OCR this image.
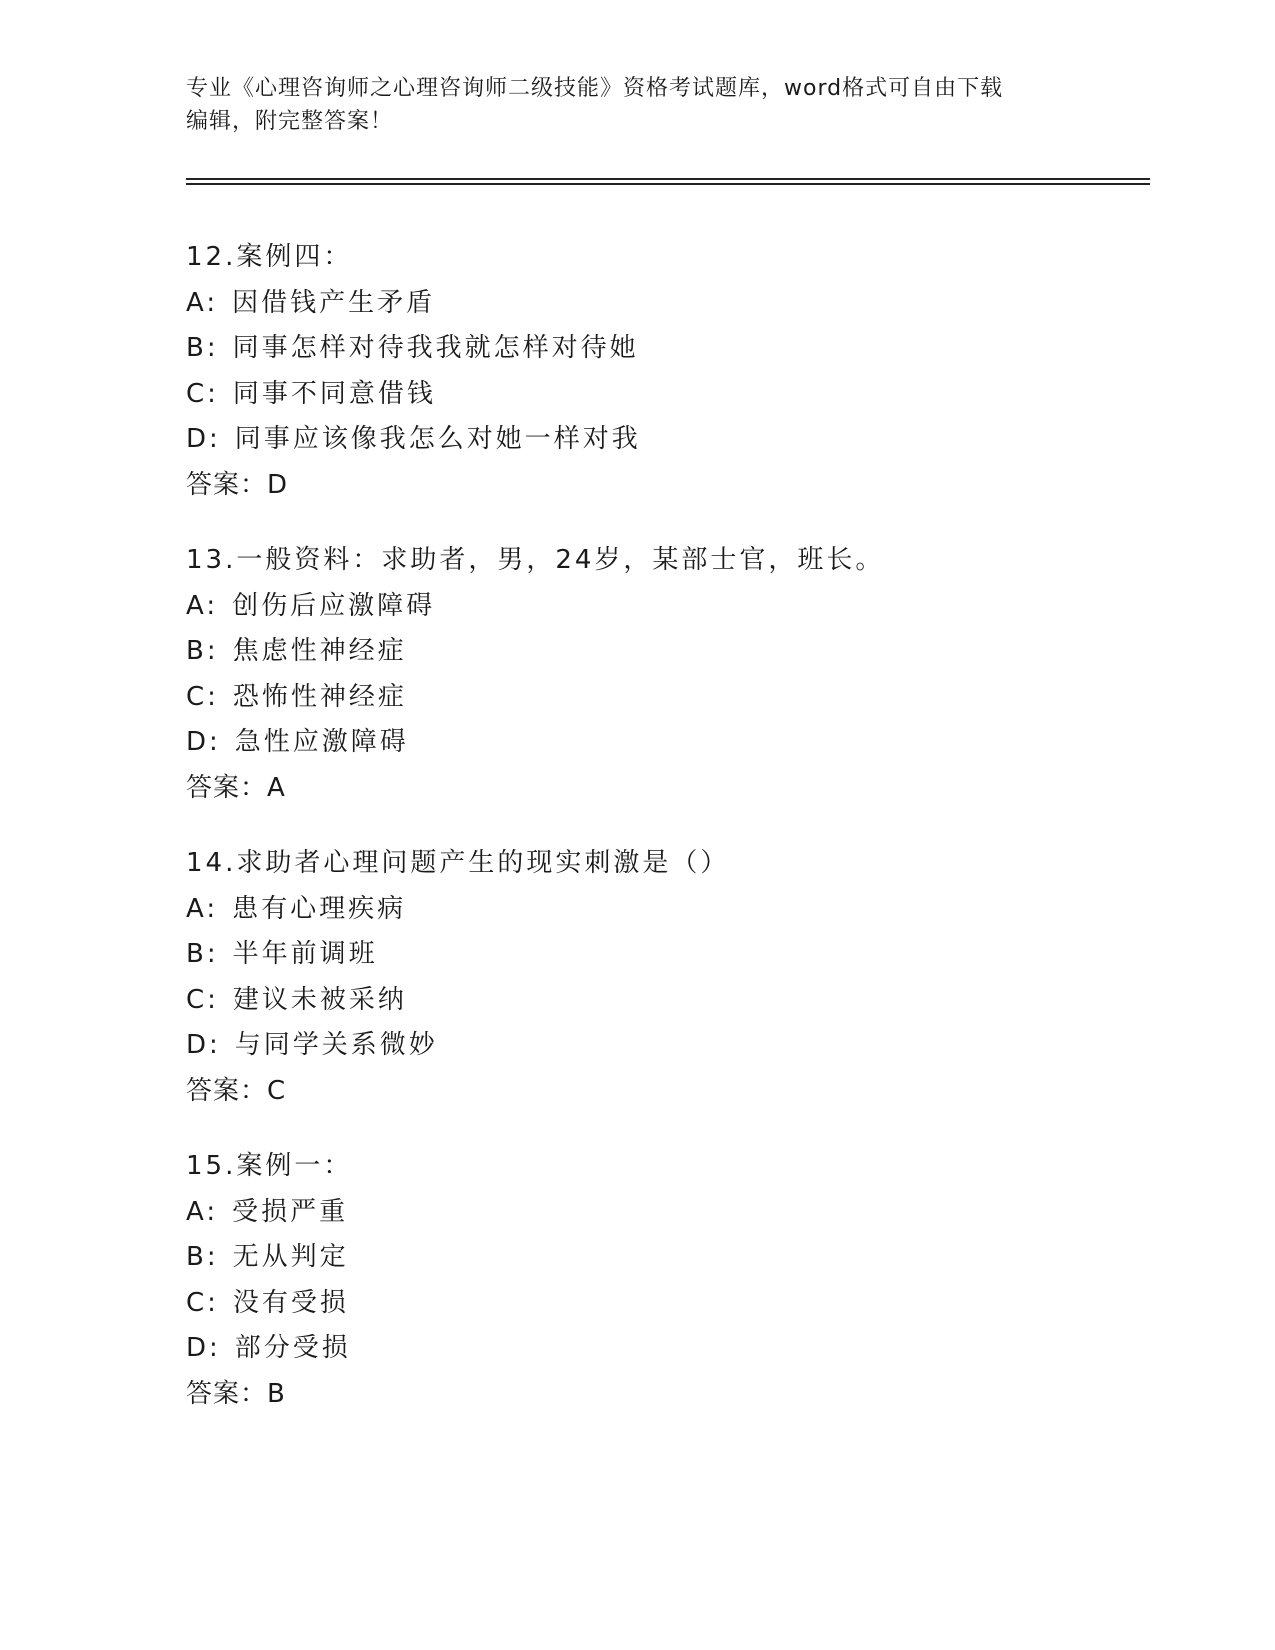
专业《心理咨询师之心理咨询师二级技能》资格考试题库，word格式可自由下载
编辑，附完整答案！
12.案例四：
A: 因借钱产生矛盾
B: 同事怎样对待我我就怎样对待她
C: 同事不同意借钱
D: 同事应该像我怎么对她一样对我
答案：D
13.一般资料：求助者，男，24岁，某部士官，班长。
A: 创伤后应激障碍
B: 焦虑性神经症
C: 恐怖性神经症
D: 急性应激障碍
答案：A
14.求助者心理问题产生的现实刺激是（）
A: 患有心理疾病
B: 半年前调班
C: 建议未被采纳
D: 与同学关系微妙
答案：C
15.案例一：
A: 受损严重
B: 无从判定
C: 没有受损
D: 部分受损
答案：B
